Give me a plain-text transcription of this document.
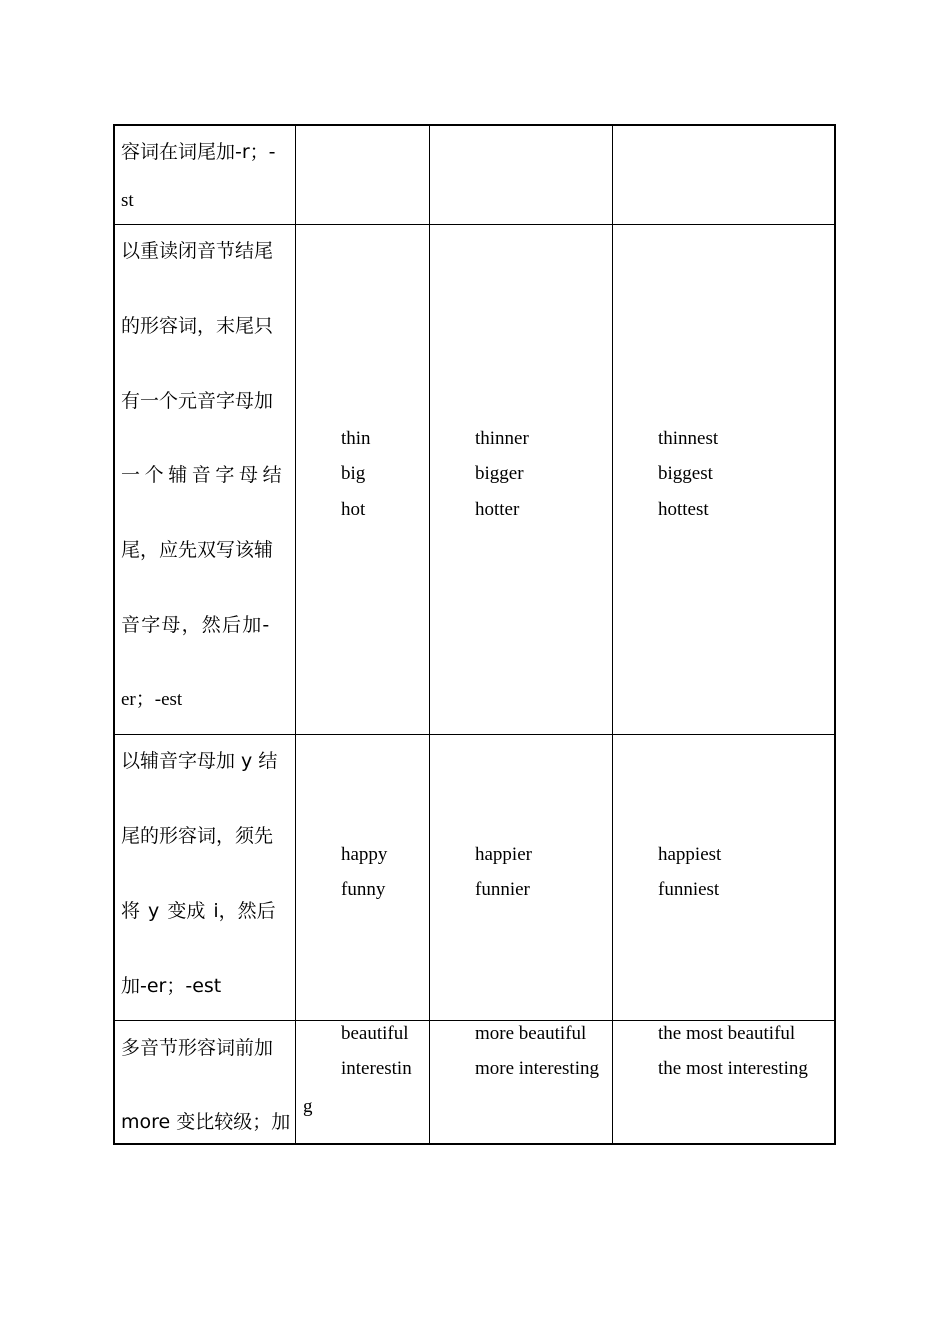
容词在词尾加-r；-
st
以重读闭音节结尾
的形容词，末尾只
有一个元音字母加
一个辅音字母结
尾，应先双写该辅
音字母，然后加-
er；-est
thin
big
hot
thinner
bigger
hotter
thinnest
biggest
hottest
以辅音字母加 y 结
尾的形容词，须先
将 y 变成 i，然后
加-er；-est
happy
funny
happier
funnier
happiest
funniest
多音节形容词前加
more 变比较级；加
beautiful
interestin
g
more beautiful
more interesting
the most beautiful
the most interesting
